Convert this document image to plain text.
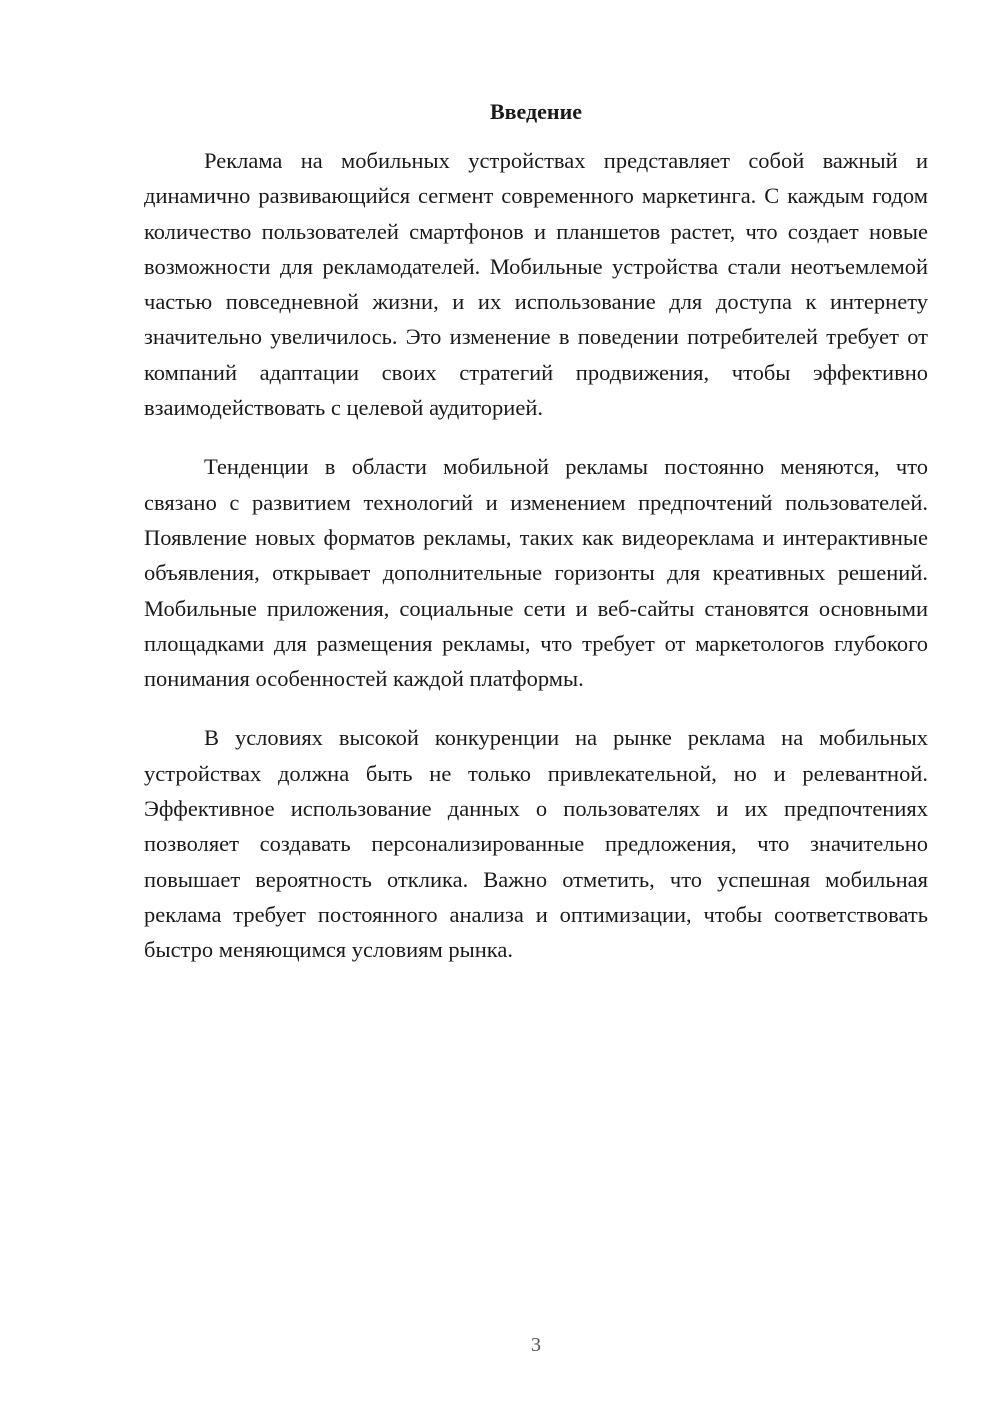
Введение

Реклама на мобильных устройствах представляет собой важный и динамично развивающийся сегмент современного маркетинга. С каждым годом количество пользователей смартфонов и планшетов растет, что создает новые возможности для рекламодателей. Мобильные устройства стали неотъемлемой частью повседневной жизни, и их использование для доступа к интернету значительно увеличилось. Это изменение в поведении потребителей требует от компаний адаптации своих стратегий продвижения, чтобы эффективно взаимодействовать с целевой аудиторией.

Тенденции в области мобильной рекламы постоянно меняются, что связано с развитием технологий и изменением предпочтений пользователей. Появление новых форматов рекламы, таких как видеореклама и интерактивные объявления, открывает дополнительные горизонты для креативных решений. Мобильные приложения, социальные сети и веб-сайты становятся основными площадками для размещения рекламы, что требует от маркетологов глубокого понимания особенностей каждой платформы.

В условиях высокой конкуренции на рынке реклама на мобильных устройствах должна быть не только привлекательной, но и релевантной. Эффективное использование данных о пользователях и их предпочтениях позволяет создавать персонализированные предложения, что значительно повышает вероятность отклика. Важно отметить, что успешная мобильная реклама требует постоянного анализа и оптимизации, чтобы соответствовать быстро меняющимся условиям рынка.

3
